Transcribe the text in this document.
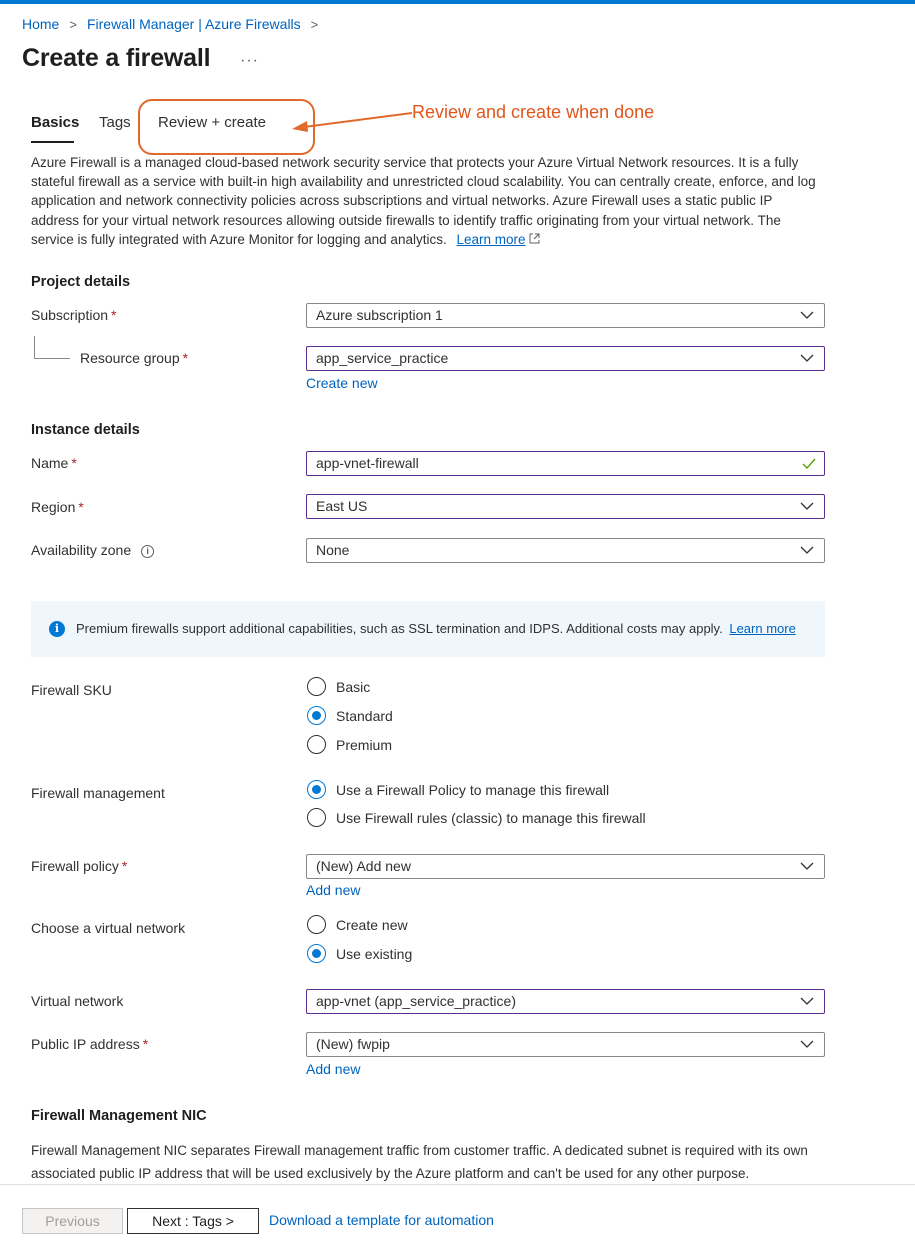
Home > Firewall Manager | Azure Firewalls >
Create a firewall ···
Basics Tags Review + create
Review and create when done
Azure Firewall is a managed cloud-based network security service that protects your Azure Virtual Network resources. It is a fully stateful firewall as a service with built-in high availability and unrestricted cloud scalability. You can centrally create, enforce, and log application and network connectivity policies across subscriptions and virtual networks. Azure Firewall uses a static public IP address for your virtual network resources allowing outside firewalls to identify traffic originating from your virtual network. The service is fully integrated with Azure Monitor for logging and analytics. Learn more
Project details
Subscription *	Azure subscription 1
Resource group *	app_service_practice
Create new
Instance details
Name *	app-vnet-firewall
Region *	East US
Availability zone i	None
i	Premium firewalls support additional capabilities, such as SSL termination and IDPS. Additional costs may apply. Learn more
Firewall SKU	Basic
Standard
Premium
Firewall management	Use a Firewall Policy to manage this firewall
Use Firewall rules (classic) to manage this firewall
Firewall policy *	(New) Add new
Add new
Choose a virtual network	Create new
Use existing
Virtual network	app-vnet (app_service_practice)
Public IP address *	(New) fwpip
Add new
Firewall Management NIC
Firewall Management NIC separates Firewall management traffic from customer traffic. A dedicated subnet is required with its own associated public IP address that will be used exclusively by the Azure platform and can't be used for any other purpose.
Previous	Next : Tags >	Download a template for automation
